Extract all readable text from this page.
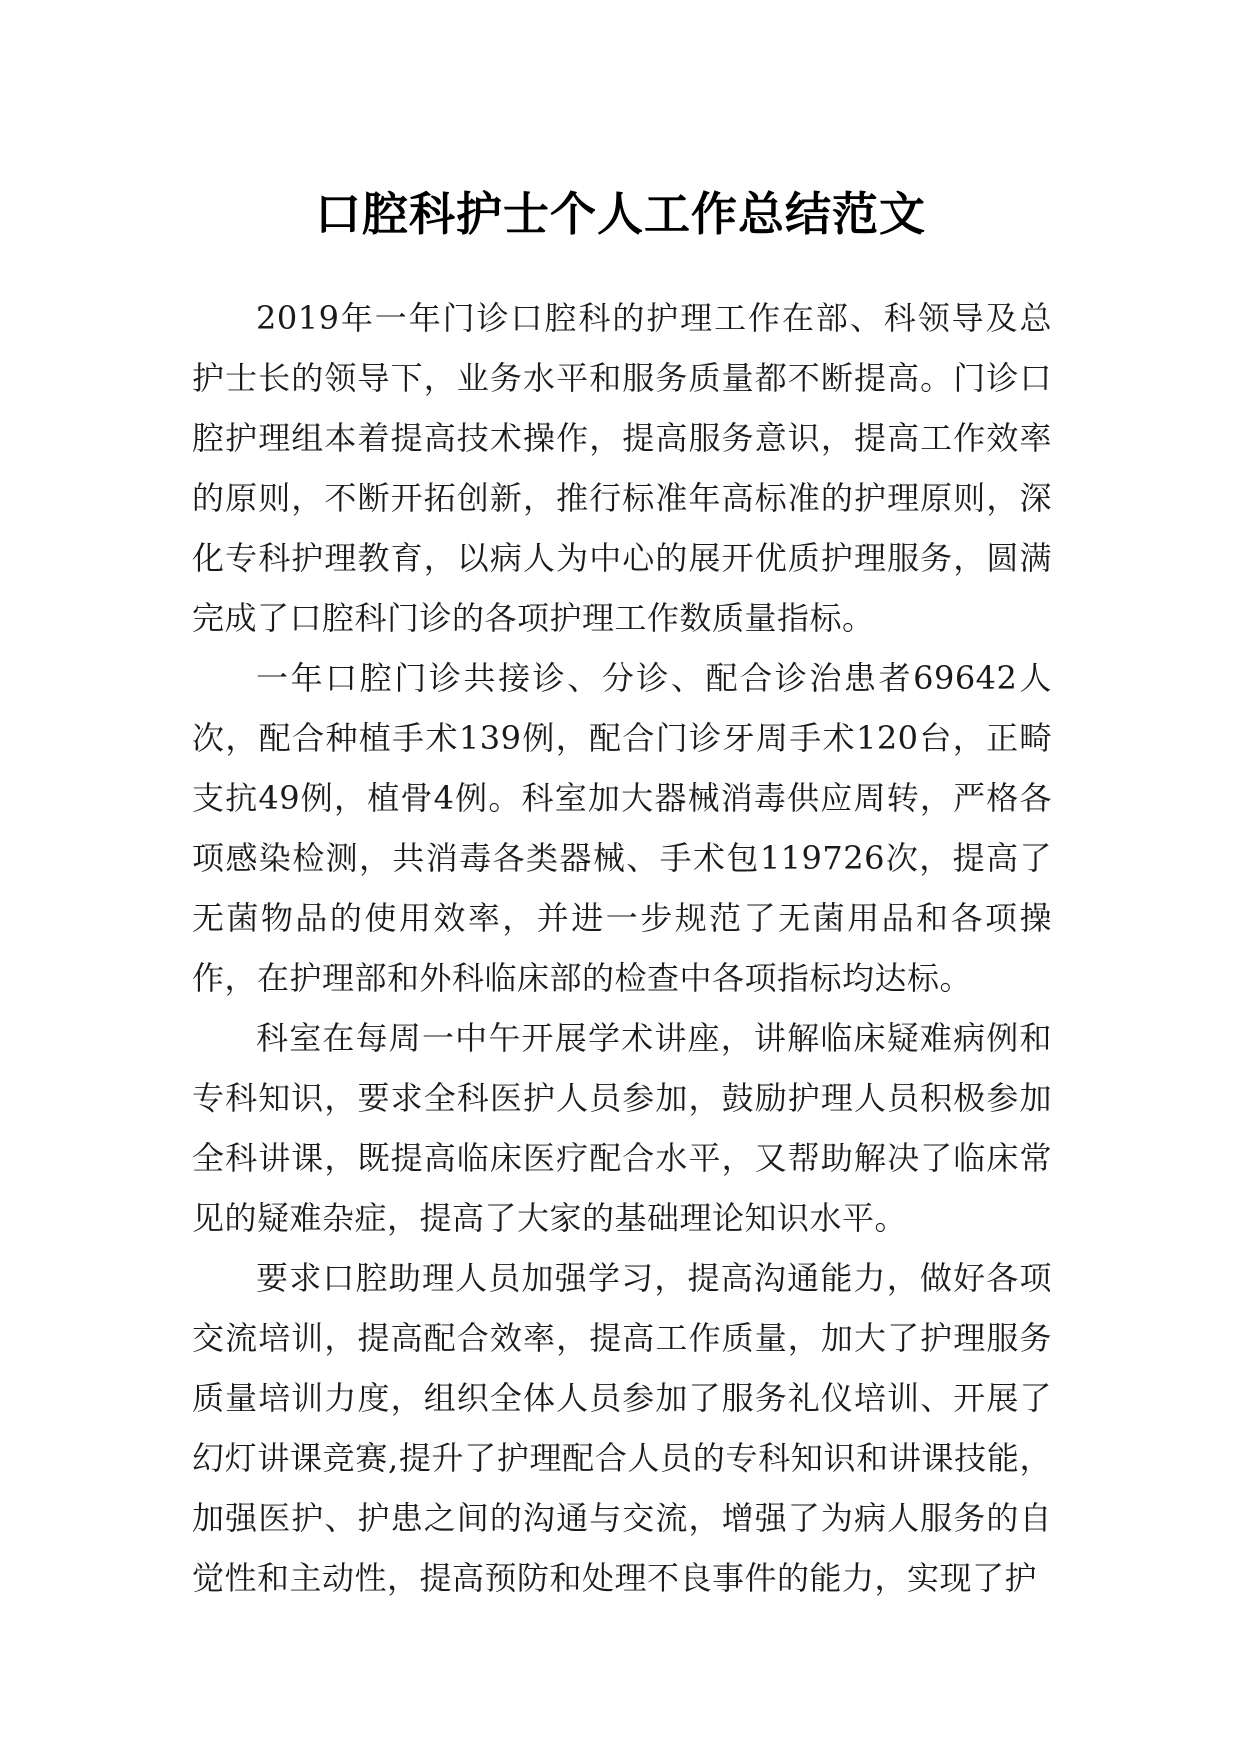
口腔科护士个人工作总结范文

2019年一年门诊口腔科的护理工作在部、科领导及总护士长的领导下，业务水平和服务质量都不断提高。门诊口腔护理组本着提高技术操作，提高服务意识，提高工作效率的原则，不断开拓创新，推行标准年高标准的护理原则，深化专科护理教育，以病人为中心的展开优质护理服务，圆满完成了口腔科门诊的各项护理工作数质量指标。

一年口腔门诊共接诊、分诊、配合诊治患者69642人次，配合种植手术139例，配合门诊牙周手术120台，正畸支抗49例，植骨4例。科室加大器械消毒供应周转，严格各项感染检测，共消毒各类器械、手术包119726次，提高了无菌物品的使用效率，并进一步规范了无菌用品和各项操作，在护理部和外科临床部的检查中各项指标均达标。

科室在每周一中午开展学术讲座，讲解临床疑难病例和专科知识，要求全科医护人员参加，鼓励护理人员积极参加全科讲课，既提高临床医疗配合水平，又帮助解决了临床常见的疑难杂症，提高了大家的基础理论知识水平。

要求口腔助理人员加强学习，提高沟通能力，做好各项交流培训，提高配合效率，提高工作质量，加大了护理服务质量培训力度，组织全体人员参加了服务礼仪培训、开展了幻灯讲课竞赛,提升了护理配合人员的专科知识和讲课技能，加强医护、护患之间的沟通与交流，增强了为病人服务的自觉性和主动性，提高预防和处理不良事件的能力，实现了护
